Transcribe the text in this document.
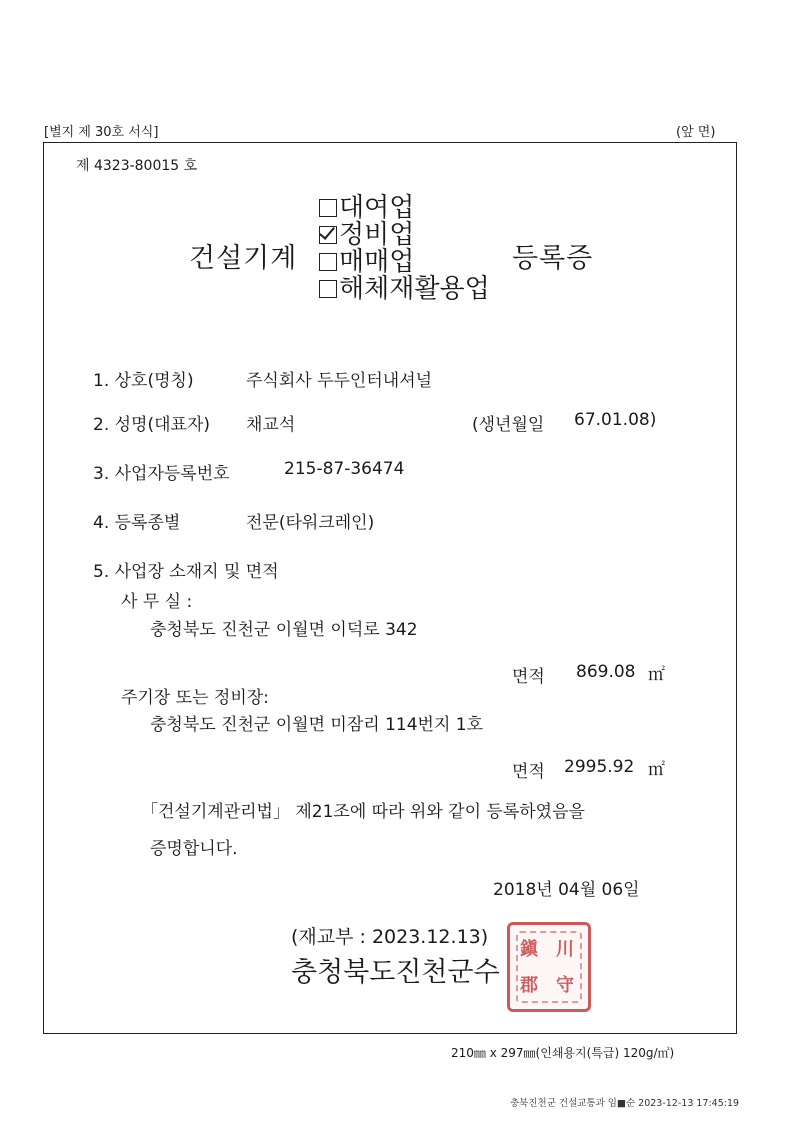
[별지 제 30호 서식]	(앞 면)
제 4323-80015 호
건설기계	등록증
대여업
정비업
매매업
해체재활용업
1. 상호(명칭)	주식회사 두두인터내셔널
2. 성명(대표자) 채교석	(생년월일 67.01.08)
3. 사업자등록번호	215-87-36474
4. 등록종별	전문(타워크레인)
5. 사업장 소재지 및 면적
사 무 실 :
충청북도 진천군 이월면 이덕로 342
면적 869.08 ㎡
주기장 또는 정비장:
충청북도 진천군 이월면 미잠리 114번지 1호
면적 2995.92 ㎡
「건설기계관리법」 제21조에 따라 위와 같이 등록하였음을
증명합니다.
2018년 04월 06일
(재교부 : 2023.12.13)
충청북도진천군수
鎭 川
郡 守
210㎜ x 297㎜(인쇄용지(특급) 120g/㎡)
충북진천군 건설교통과 임■순 2023-12-13 17:45:19
